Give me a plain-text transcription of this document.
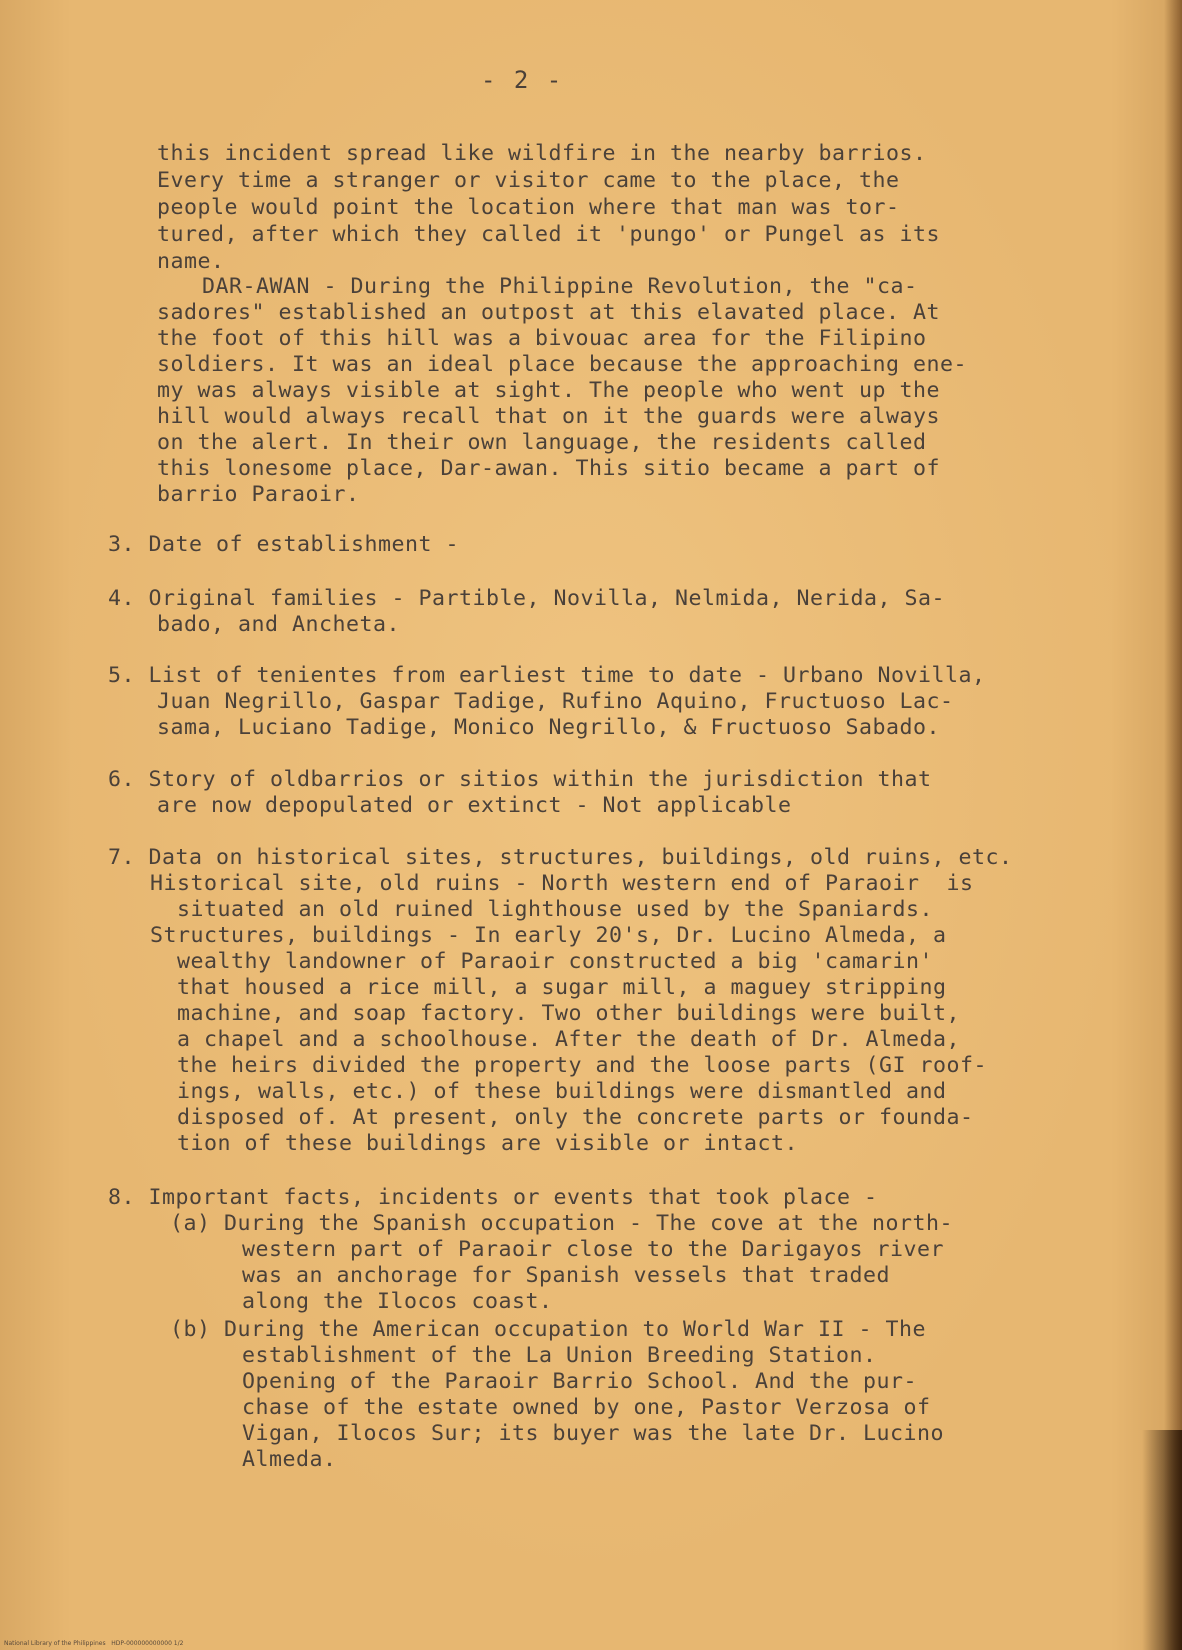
- 2 -
this incident spread like wildfire in the nearby barrios.
Every time a stranger or visitor came to the place, the
people would point the location where that man was tor-
tured, after which they called it 'pungo' or Pungel as its
name.
DAR-AWAN - During the Philippine Revolution, the "ca-
sadores" established an outpost at this elavated place. At
the foot of this hill was a bivouac area for the Filipino
soldiers. It was an ideal place because the approaching ene-
my was always visible at sight. The people who went up the
hill would always recall that on it the guards were always
on the alert. In their own language, the residents called
this lonesome place, Dar-awan. This sitio became a part of
barrio Paraoir.
3. Date of establishment -
4. Original families - Partible, Novilla, Nelmida, Nerida, Sa-
bado, and Ancheta.
5. List of tenientes from earliest time to date - Urbano Novilla,
Juan Negrillo, Gaspar Tadige, Rufino Aquino, Fructuoso Lac-
sama, Luciano Tadige, Monico Negrillo, & Fructuoso Sabado.
6. Story of oldbarrios or sitios within the jurisdiction that
are now depopulated or extinct - Not applicable
7. Data on historical sites, structures, buildings, old ruins, etc.
Historical site, old ruins - North western end of Paraoir  is
situated an old ruined lighthouse used by the Spaniards.
Structures, buildings - In early 20's, Dr. Lucino Almeda, a
wealthy landowner of Paraoir constructed a big 'camarin'
that housed a rice mill, a sugar mill, a maguey stripping
machine, and soap factory. Two other buildings were built,
a chapel and a schoolhouse. After the death of Dr. Almeda,
the heirs divided the property and the loose parts (GI roof-
ings, walls, etc.) of these buildings were dismantled and
disposed of. At present, only the concrete parts or founda-
tion of these buildings are visible or intact.
8. Important facts, incidents or events that took place -
(a) During the Spanish occupation - The cove at the north-
western part of Paraoir close to the Darigayos river
was an anchorage for Spanish vessels that traded
along the Ilocos coast.
(b) During the American occupation to World War II - The
establishment of the La Union Breeding Station.
Opening of the Paraoir Barrio School. And the pur-
chase of the estate owned by one, Pastor Verzosa of
Vigan, Ilocos Sur; its buyer was the late Dr. Lucino
Almeda.
National Library of the Philippines   HDP-000000000000 1/2
